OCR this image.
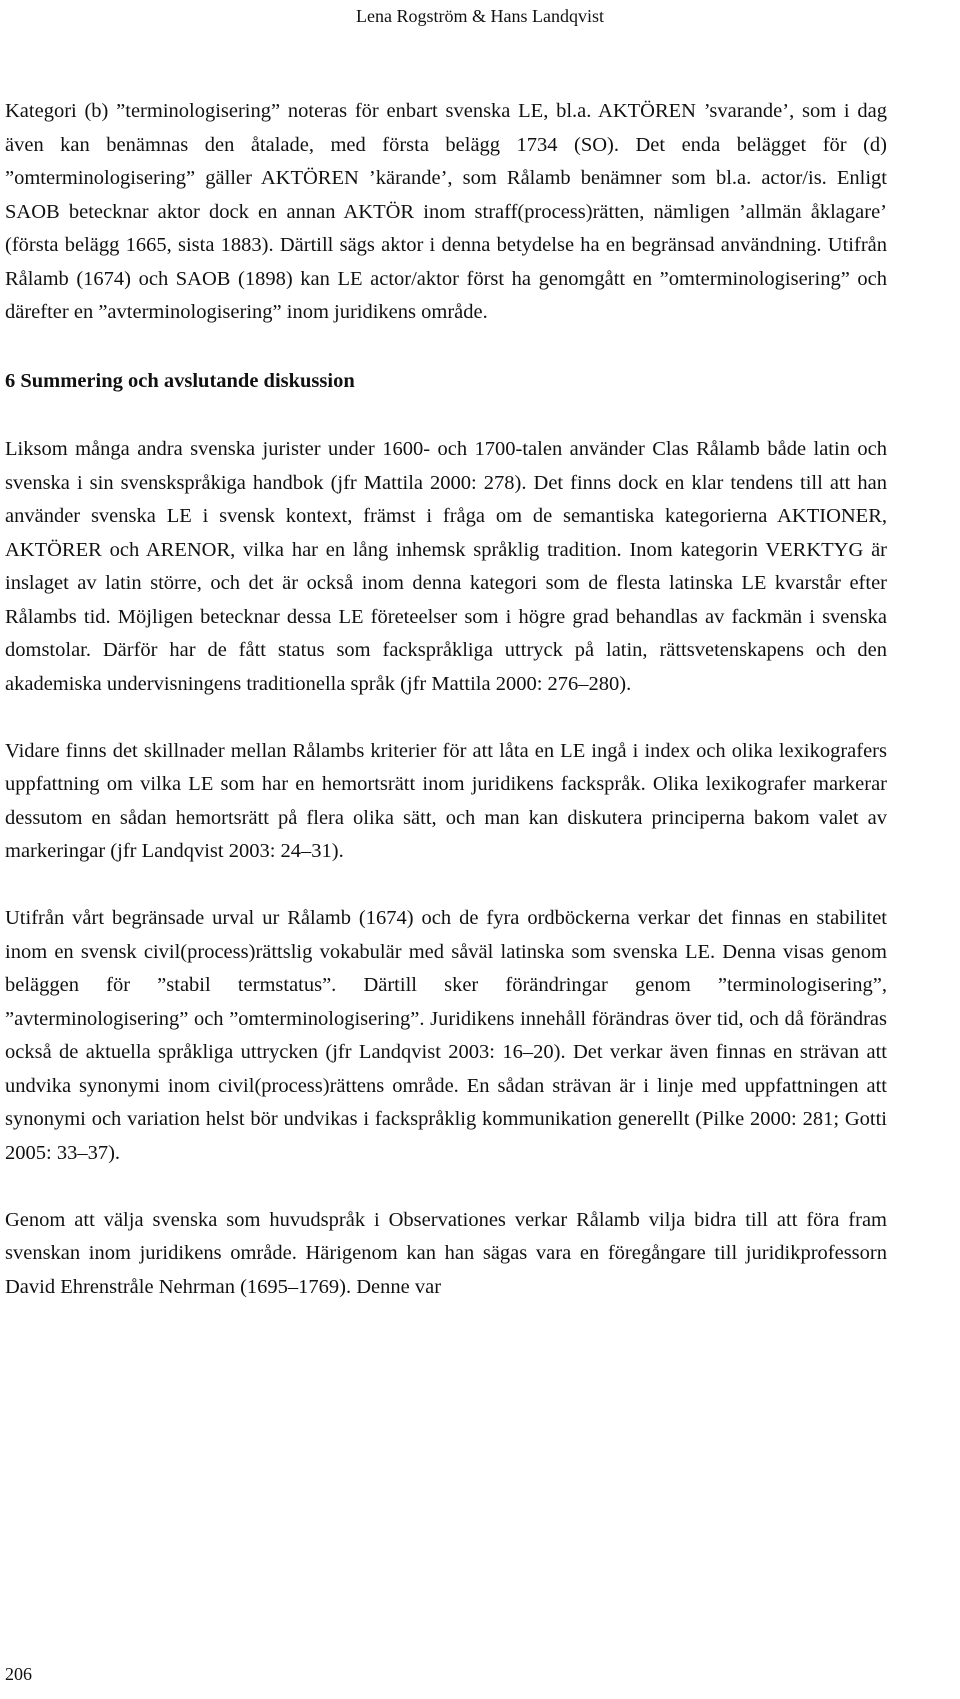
Lena Rogström & Hans Landqvist

Kategori (b) ”terminologisering” noteras för enbart svenska LE, bl.a. AKTÖREN ’svarande’, som i dag även kan benämnas den åtalade, med första belägg 1734 (SO). Det enda belägget för (d) ”omterminologisering” gäller AKTÖREN ’kärande’, som Rålamb benämner som bl.a. actor/is. Enligt SAOB betecknar aktor dock en annan AKTÖR inom straff(process)rätten, nämligen ’allmän åklagare’ (första belägg 1665, sista 1883). Därtill sägs aktor i denna betydelse ha en begränsad användning. Utifrån Rålamb (1674) och SAOB (1898) kan LE actor/aktor först ha genomgått en ”omterminologisering” och därefter en ”avterminologisering” inom juridikens område.

6 Summering och avslutande diskussion

Liksom många andra svenska jurister under 1600- och 1700-talen använder Clas Rålamb både latin och svenska i sin svenskspråkiga handbok (jfr Mattila 2000: 278). Det finns dock en klar tendens till att han använder svenska LE i svensk kontext, främst i fråga om de semantiska kategorierna AKTIONER, AKTÖRER och ARENOR, vilka har en lång inhemsk språklig tradition. Inom kategorin VERKTYG är inslaget av latin större, och det är också inom denna kategori som de flesta latinska LE kvarstår efter Rålambs tid. Möjligen betecknar dessa LE företeelser som i högre grad behandlas av fackmän i svenska domstolar. Därför har de fått status som fackspråkliga uttryck på latin, rättsvetenskapens och den akademiska undervisningens traditionella språk (jfr Mattila 2000: 276–280).

Vidare finns det skillnader mellan Rålambs kriterier för att låta en LE ingå i index och olika lexikografers uppfattning om vilka LE som har en hemortsrätt inom juridikens fackspråk. Olika lexikografer markerar dessutom en sådan hemortsrätt på flera olika sätt, och man kan diskutera principerna bakom valet av markeringar (jfr Landqvist 2003: 24–31).

Utifrån vårt begränsade urval ur Rålamb (1674) och de fyra ordböckerna verkar det finnas en stabilitet inom en svensk civil(process)rättslig vokabulär med såväl latinska som svenska LE. Denna visas genom beläggen för ”stabil termstatus”. Därtill sker förändringar genom ”terminologisering”, ”avterminologisering” och ”omterminologisering”. Juridikens innehåll förändras över tid, och då förändras också de aktuella språkliga uttrycken (jfr Landqvist 2003: 16–20). Det verkar även finnas en strävan att undvika synonymi inom civil(process)rättens område. En sådan strävan är i linje med uppfattningen att synonymi och variation helst bör undvikas i fackspråklig kommunikation generellt (Pilke 2000: 281; Gotti 2005: 33–37).

Genom att välja svenska som huvudspråk i Observationes verkar Rålamb vilja bidra till att föra fram svenskan inom juridikens område. Härigenom kan han sägas vara en föregångare till juridikprofessorn David Ehrenstråle Nehrman (1695–1769). Denne var

206
